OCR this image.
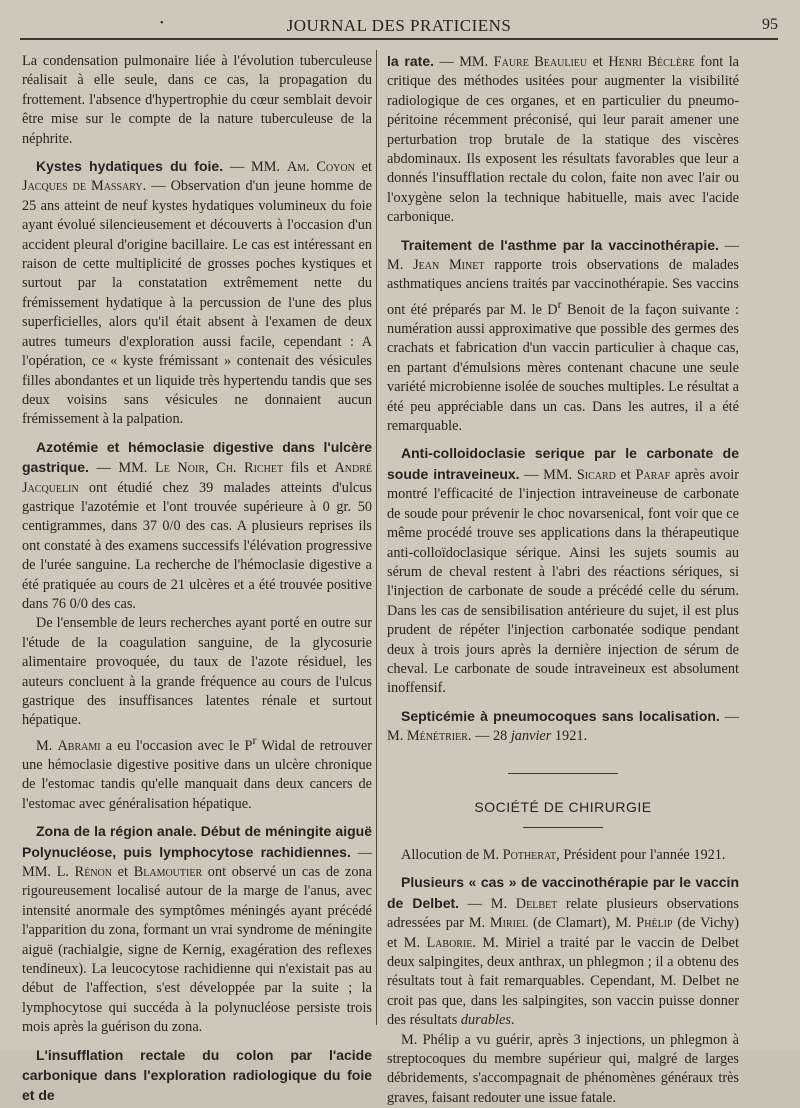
•	JOURNAL DES PRATICIENS	95

La condensation pulmonaire liée à l'évolution tuberculeuse réalisait à elle seule, dans ce cas, la propagation du frottement. l'absence d'hypertrophie du cœur semblait devoir être mise sur le compte de la nature tuberculeuse de la néphrite.

Kystes hydatiques du foie. — MM. Am. Coyon et Jacques de Massary. — Observation d'un jeune homme de 25 ans atteint de neuf kystes hydatiques volumineux du foie ayant évolué silencieusement et découverts à l'occasion d'un accident pleural d'origine bacillaire. Le cas est intéressant en raison de cette multiplicité de grosses poches kystiques et surtout par la constatation extrêmement nette du frémissement hydatique à la percussion de l'une des plus superficielles, alors qu'il était absent à l'examen de deux autres tumeurs d'exploration aussi facile, cependant : A l'opération, ce « kyste frémissant » contenait des vésicules filles abondantes et un liquide très hypertendu tandis que ses deux voisins sans vésicules ne donnaient aucun frémissement à la palpation.

Azotémie et hémoclasie digestive dans l'ulcère gastrique. — MM. Le Noir, Ch. Richet fils et André Jacquelin ont étudié chez 39 malades atteints d'ulcus gastrique l'azotémie et l'ont trouvée supérieure à 0 gr. 50 centigrammes, dans 37 0/0 des cas. A plusieurs reprises ils ont constaté à des examens successifs l'élévation progressive de l'urée sanguine. La recherche de l'hémoclasie digestive a été pratiquée au cours de 21 ulcères et a été trouvée positive dans 76 0/0 des cas.

De l'ensemble de leurs recherches ayant porté en outre sur l'étude de la coagulation sanguine, de la glycosurie alimentaire provoquée, du taux de l'azote résiduel, les auteurs concluent à la grande fréquence au cours de l'ulcus gastrique des insuffisances latentes rénale et surtout hépatique.

M. Abrami a eu l'occasion avec le $P^r$ Widal de retrouver une hémoclasie digestive positive dans un ulcère chronique de l'estomac tandis qu'elle manquait dans deux cancers de l'estomac avec généralisation hépatique.

Zona de la région anale. Début de méningite aiguë Polynucléose, puis lymphocytose rachidiennes. — MM. L. Rénon et Blamoutier ont observé un cas de zona rigoureusement localisé autour de la marge de l'anus, avec intensité anormale des symptômes méningés ayant précédé l'apparition du zona, formant un vrai syndrome de méningite aiguë (rachialgie, signe de Kernig, exagération des reflexes tendineux). La leucocytose rachidienne qui n'existait pas au début de l'affection, s'est développée par la suite ; la lymphocytose qui succéda à la polynucléose persiste trois mois après la guérison du zona.

L'insufflation rectale du colon par l'acide carbonique dans l'exploration radiologique du foie et de

la rate. — MM. Faure Beaulieu et Henri Béclère font la critique des méthodes usitées pour augmenter la visibilité radiologique de ces organes, et en particulier du pneumo-péritoine récemment préconisé, qui leur parait amener une perturbation trop brutale de la statique des viscères abdominaux. Ils exposent les résultats favorables que leur a donnés l'insufflation rectale du colon, faite non avec l'air ou l'oxygène selon la technique habituelle, mais avec l'acide carbonique.

Traitement de l'asthme par la vaccinothérapie. — M. Jean Minet rapporte trois observations de malades asthmatiques anciens traités par vaccinothérapie. Ses vaccins ont été préparés par M. le $D^r$ Benoit de la façon suivante : numération aussi approximative que possible des germes des crachats et fabrication d'un vaccin particulier à chaque cas, en partant d'émulsions mères contenant chacune une seule variété microbienne isolée de souches multiples. Le résultat a été peu appréciable dans un cas. Dans les autres, il a été remarquable.

Anti-colloidoclasie serique par le carbonate de soude intraveineux. — MM. Sicard et Paraf après avoir montré l'efficacité de l'injection intraveineuse de carbonate de soude pour prévenir le choc novarsenical, font voir que ce même procédé trouve ses applications dans la thérapeutique anti-colloïdoclasique sérique. Ainsi les sujets soumis au sérum de cheval restent à l'abri des réactions sériques, si l'injection de carbonate de soude a précédé celle du sérum. Dans les cas de sensibilisation antérieure du sujet, il est plus prudent de répéter l'injection carbonatée sodique pendant deux à trois jours après la dernière injection de sérum de cheval. Le carbonate de soude intraveineux est absolument inoffensif.

Septicémie à pneumocoques sans localisation. — M. Ménétrier. — 28 janvier 1921.

SOCIÉTÉ DE CHIRURGIE

Allocution de M. Potherat, Président pour l'année 1921.

Plusieurs « cas » de vaccinothérapie par le vaccin de Delbet. — M. Delbet relate plusieurs observations adressées par M. Miriel (de Clamart), M. Phélip (de Vichy) et M. Laborie. M. Miriel a traité par le vaccin de Delbet deux salpingites, deux anthrax, un phlegmon ; il a obtenu des résultats tout à fait remarquables. Cependant, M. Delbet ne croit pas que, dans les salpingites, son vaccin puisse donner des résultats durables.

M. Phélip a vu guérir, après 3 injections, un phlegmon à streptocoques du membre supérieur qui, malgré de larges débridements, s'accompagnait de phénomènes généraux très graves, faisant redouter une issue fatale.
